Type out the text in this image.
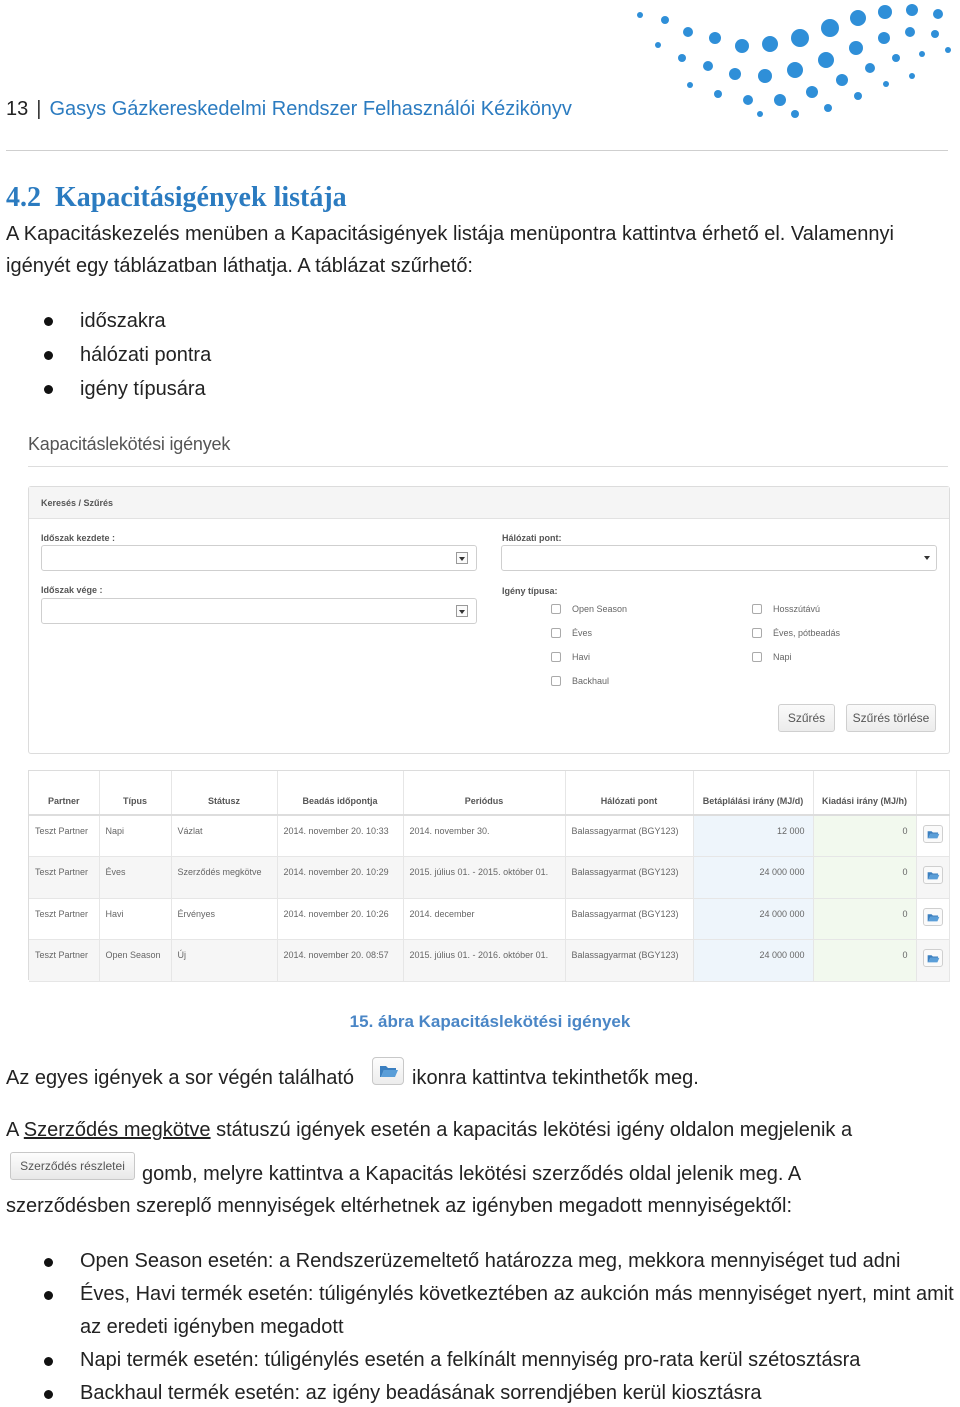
13 | Gasys Gázkereskedelmi Rendszer Felhasználói Kézikönyv
4.2 Kapacitásigények listája
A Kapacitáskezelés menüben a Kapacitásigények listája menüpontra kattintva érhető el. Valamennyi
igényét egy táblázatban láthatja. A táblázat szűrhető:
időszakra
hálózati pontra
igény típusára
Kapacitáslekötési igények
Keresés / Szűrés
Időszak kezdete :
Időszak vége :
Hálózati pont:
Igény típusa:
Open Season
Éves
Havi
Backhaul
Hosszútávú
Éves, pótbeadás
Napi
Szűrés	Szűrés törlése
Partner	Típus	Státusz	Beadás időpontja	Periódus	Hálózati pont	Betáplálási irány (MJ/d)	Kiadási irány (MJ/h)	
Teszt Partner	Napi	Vázlat	2014. november 20. 10:33	2014. november 30.	Balassagyarmat (BGY123)	12 000	0	

Teszt Partner	Éves	Szerződés megkötve	2014. november 20. 10:29	2015. július 01. - 2015. október 01.	Balassagyarmat (BGY123)	24 000 000	0	

Teszt Partner	Havi	Érvényes	2014. november 20. 10:26	2014. december	Balassagyarmat (BGY123)	24 000 000	0	

Teszt Partner	Open Season	Új	2014. november 20. 08:57	2015. július 01. - 2016. október 01.	Balassagyarmat (BGY123)	24 000 000	0	
15. ábra Kapacitáslekötési igények
Az egyes igények a sor végén található	ikonra kattintva tekinthetők meg.
A Szerződés megkötve státuszú igények esetén a kapacitás lekötési igény oldalon megjelenik a
Szerződés részletei gomb, melyre kattintva a Kapacitás lekötési szerződés oldal jelenik meg. A
szerződésben szereplő mennyiségek eltérhetnek az igényben megadott mennyiségektől:
Open Season esetén: a Rendszerüzemeltető határozza meg, mekkora mennyiséget tud adni
Éves, Havi termék esetén: túligénylés következtében az aukción más mennyiséget nyert, mint amit az eredeti igényben megadott
Napi termék esetén: túligénylés esetén a felkínált mennyiség pro-rata kerül szétosztásra
Backhaul termék esetén: az igény beadásának sorrendjében kerül kiosztásra
